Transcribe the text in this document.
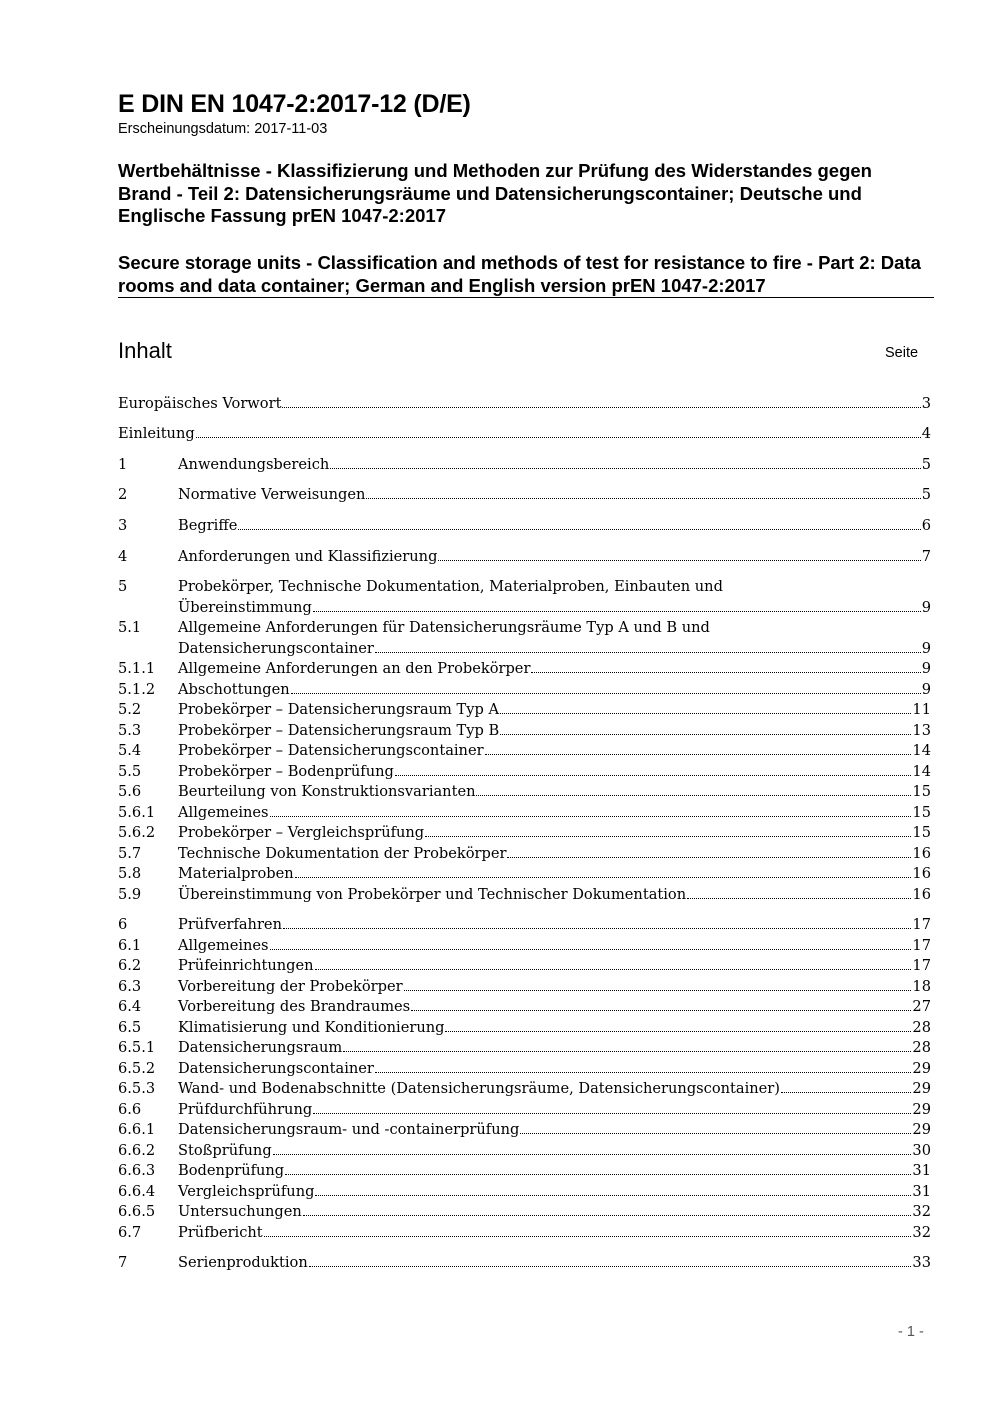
E DIN EN 1047-2:2017-12 (D/E)
Erscheinungsdatum: 2017-11-03
Wertbehältnisse - Klassifizierung und Methoden zur Prüfung des Widerstandes gegen Brand - Teil 2: Datensicherungsräume und Datensicherungscontainer; Deutsche und Englische Fassung prEN 1047-2:2017
Secure storage units - Classification and methods of test for resistance to fire - Part 2: Data rooms and data container; German and English version prEN 1047-2:2017
Inhalt	Seite
Europäisches Vorwort	3
Einleitung	4
1	Anwendungsbereich	5
2	Normative Verweisungen	5
3	Begriffe	6
4	Anforderungen und Klassifizierung	7
5	Probekörper, Technische Dokumentation, Materialproben, Einbauten und
Übereinstimmung	9
5.1	Allgemeine Anforderungen für Datensicherungsräume Typ A und B und
Datensicherungscontainer	9
5.1.1 Allgemeine Anforderungen an den Probekörper	9
5.1.2 Abschottungen	9
5.2	Probekörper – Datensicherungsraum Typ A	11
5.3	Probekörper – Datensicherungsraum Typ B	13
5.4	Probekörper – Datensicherungscontainer	14
5.5	Probekörper – Bodenprüfung	14
5.6	Beurteilung von Konstruktionsvarianten	15
5.6.1 Allgemeines	15
5.6.2 Probekörper – Vergleichsprüfung	15
5.7	Technische Dokumentation der Probekörper	16
5.8	Materialproben	16
5.9	Übereinstimmung von Probekörper und Technischer Dokumentation	16
6	Prüfverfahren	17
6.1	Allgemeines	17
6.2	Prüfeinrichtungen	17
6.3	Vorbereitung der Probekörper	18
6.4	Vorbereitung des Brandraumes	27
6.5	Klimatisierung und Konditionierung	28
6.5.1 Datensicherungsraum	28
6.5.2 Datensicherungscontainer	29
6.5.3 Wand- und Bodenabschnitte (Datensicherungsräume, Datensicherungscontainer)	29
6.6	Prüfdurchführung	29
6.6.1 Datensicherungsraum- und -containerprüfung	29
6.6.2 Stoßprüfung	30
6.6.3 Bodenprüfung	31
6.6.4 Vergleichsprüfung	31
6.6.5 Untersuchungen	32
6.7	Prüfbericht	32
7	Serienproduktion	33
- 1 -
